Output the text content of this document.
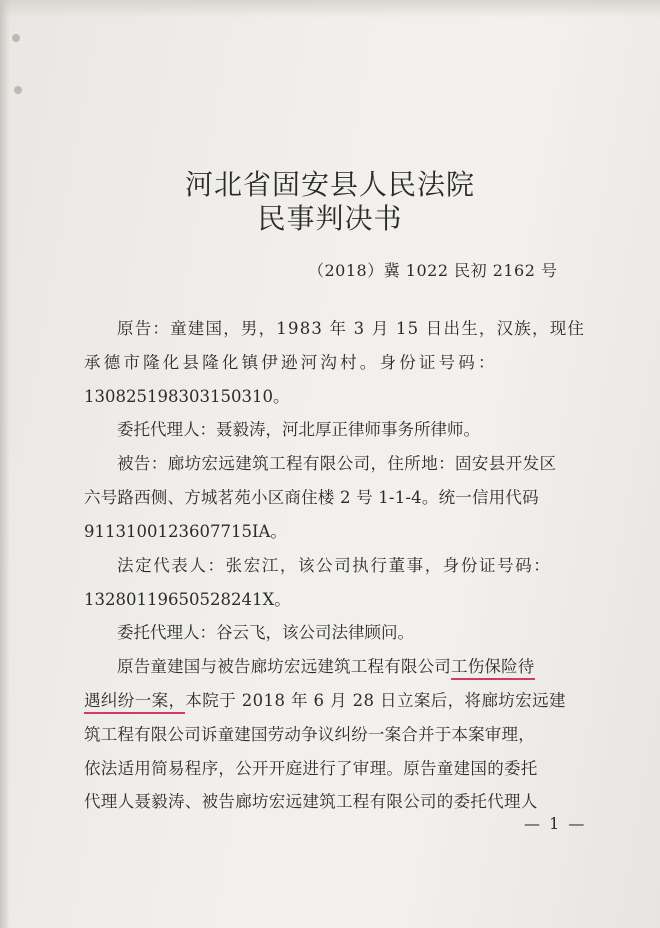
河北省固安县人民法院
民事判决书
（2018）冀 1022 民初 2162 号
原告：童建国，男，1983 年 3 月 15 日出生，汉族，现住
承德市隆化县隆化镇伊逊河沟村。身份证号码：
130825198303150310。
委托代理人：聂毅涛，河北厚正律师事务所律师。
被告：廊坊宏远建筑工程有限公司，住所地：固安县开发区
六号路西侧、方城茗苑小区商住楼 2 号 1-1-4。统一信用代码
9113100123607715IA。
法定代表人：张宏江，该公司执行董事，身份证号码：
13280119650528241X。
委托代理人：谷云飞，该公司法律顾问。
原告童建国与被告廊坊宏远建筑工程有限公司工伤保险待
遇纠纷一案，本院于 2018 年 6 月 28 日立案后，将廊坊宏远建
筑工程有限公司诉童建国劳动争议纠纷一案合并于本案审理，
依法适用简易程序，公开开庭进行了审理。原告童建国的委托
代理人聂毅涛、被告廊坊宏远建筑工程有限公司的委托代理人
— 1 —
